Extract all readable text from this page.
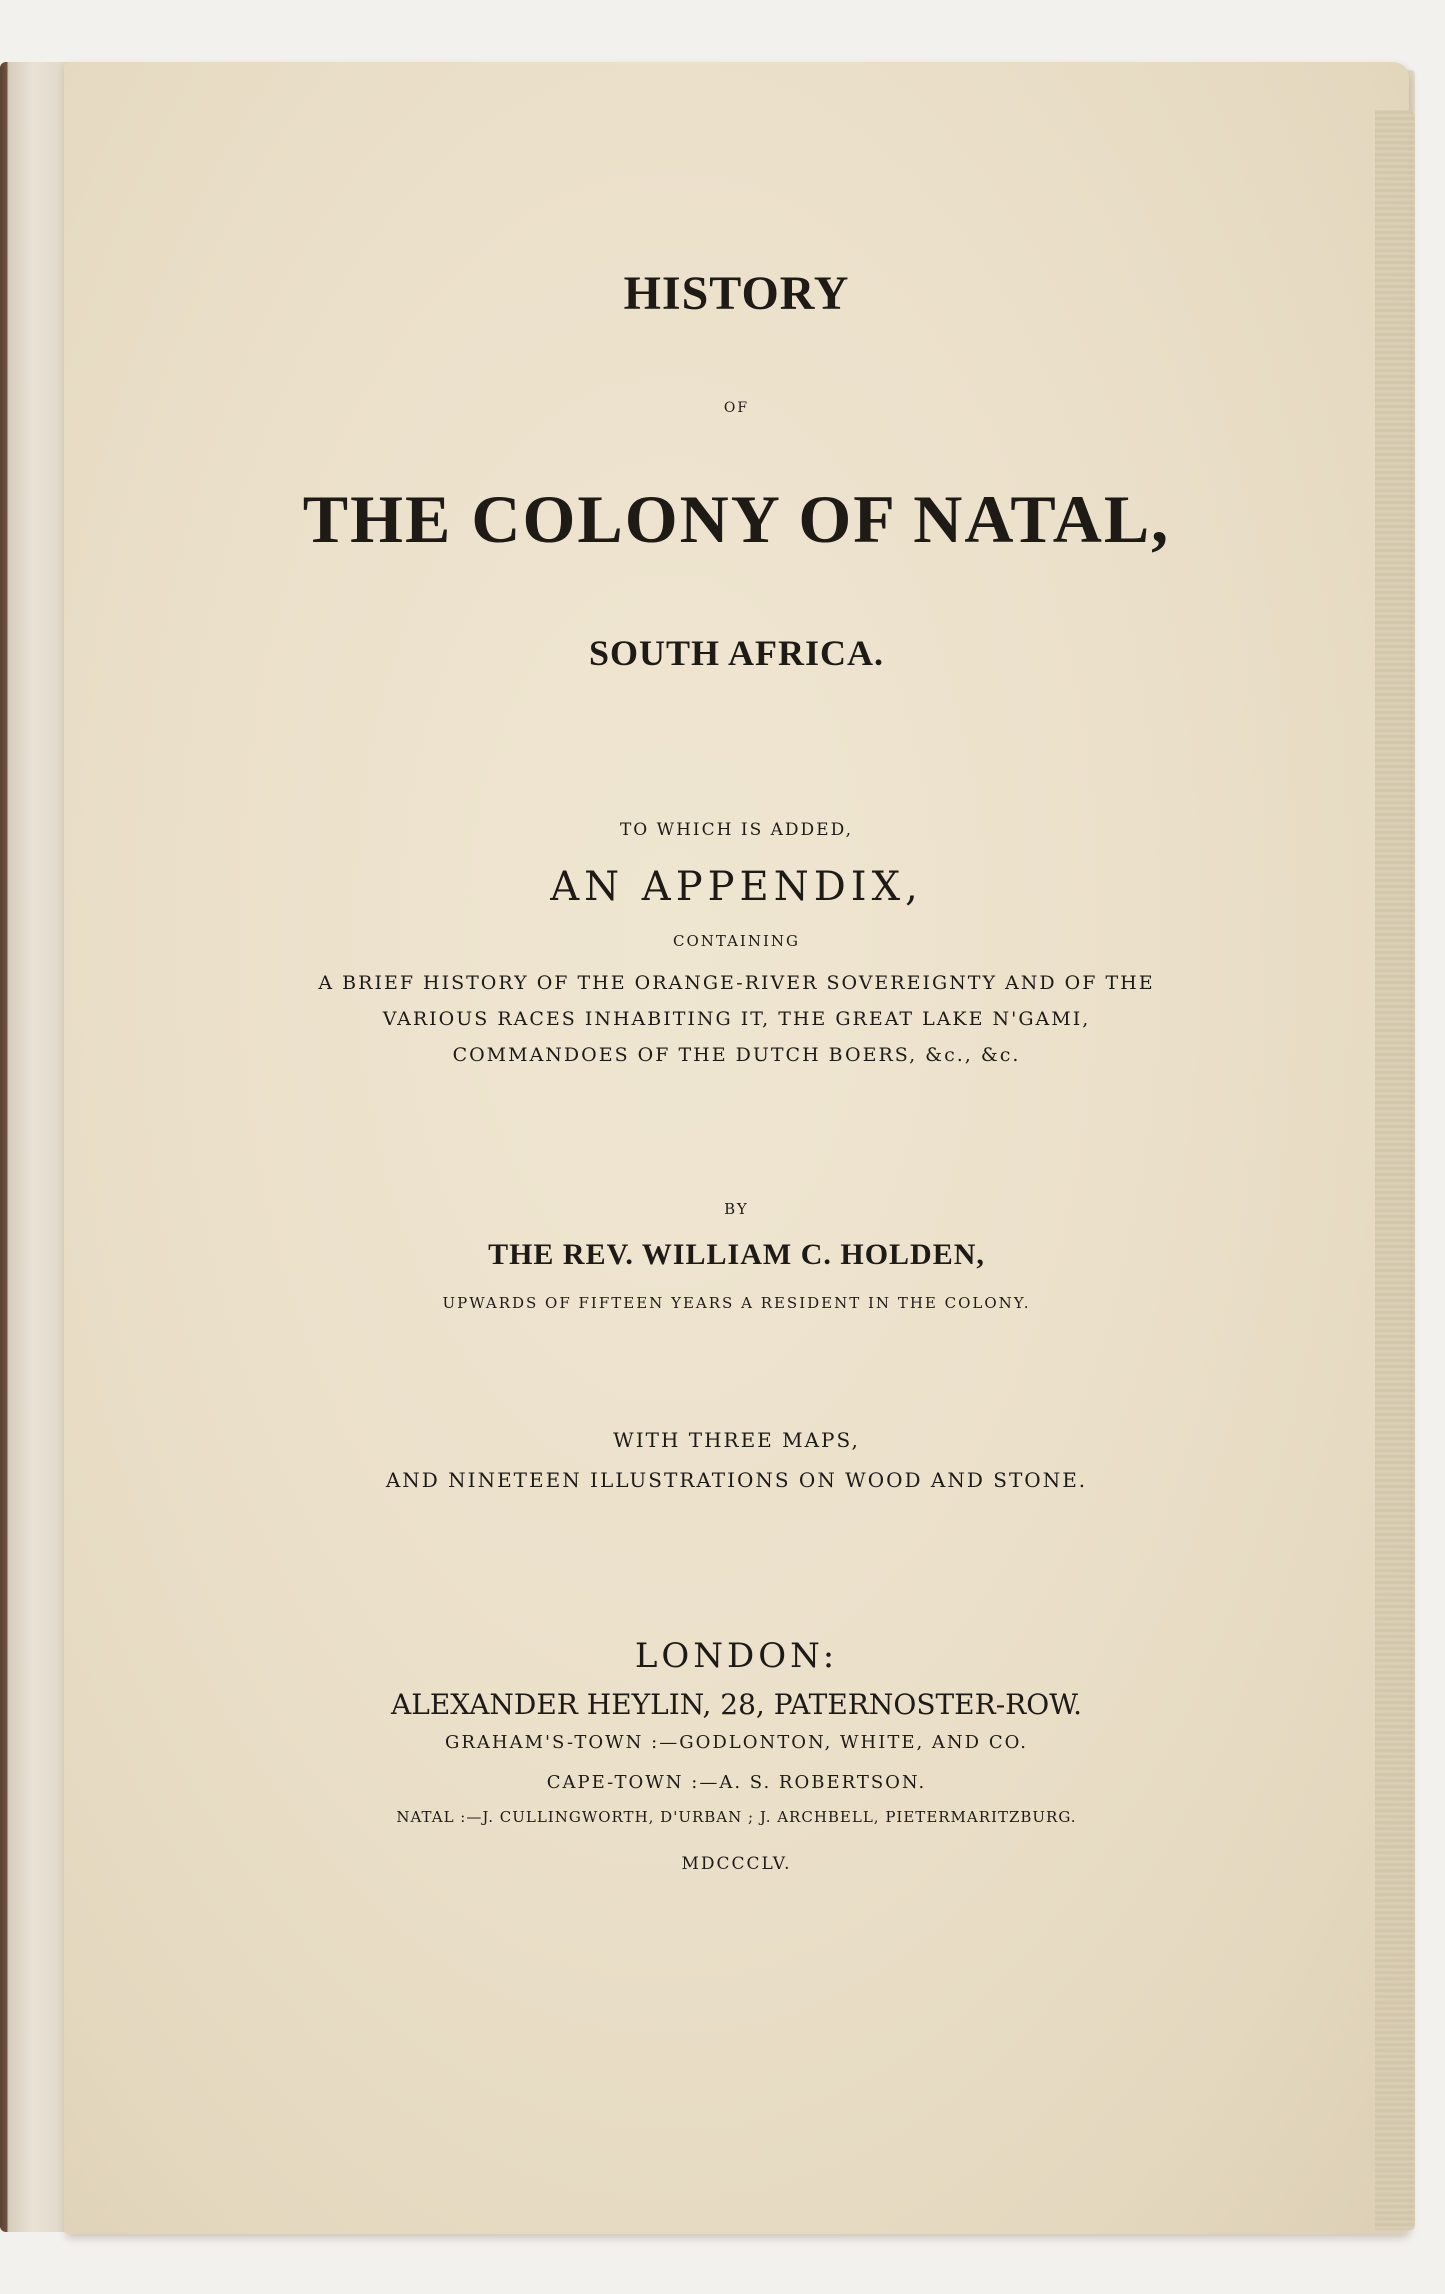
HISTORY

OF

THE COLONY OF NATAL,

SOUTH AFRICA.

TO WHICH IS ADDED,

AN APPENDIX,

CONTAINING

A BRIEF HISTORY OF THE ORANGE-RIVER SOVEREIGNTY AND OF THE

VARIOUS RACES INHABITING IT, THE GREAT LAKE N'GAMI,

COMMANDOES OF THE DUTCH BOERS, &c., &c.

BY

THE REV. WILLIAM C. HOLDEN,

UPWARDS OF FIFTEEN YEARS A RESIDENT IN THE COLONY.

WITH THREE MAPS,

AND NINETEEN ILLUSTRATIONS ON WOOD AND STONE.

LONDON:

ALEXANDER HEYLIN, 28, PATERNOSTER-ROW.

GRAHAM'S-TOWN :—GODLONTON, WHITE, AND CO.

CAPE-TOWN :—A. S. ROBERTSON.

NATAL :—J. CULLINGWORTH, D'URBAN ; J. ARCHBELL, PIETERMARITZBURG.

MDCCCLV.
